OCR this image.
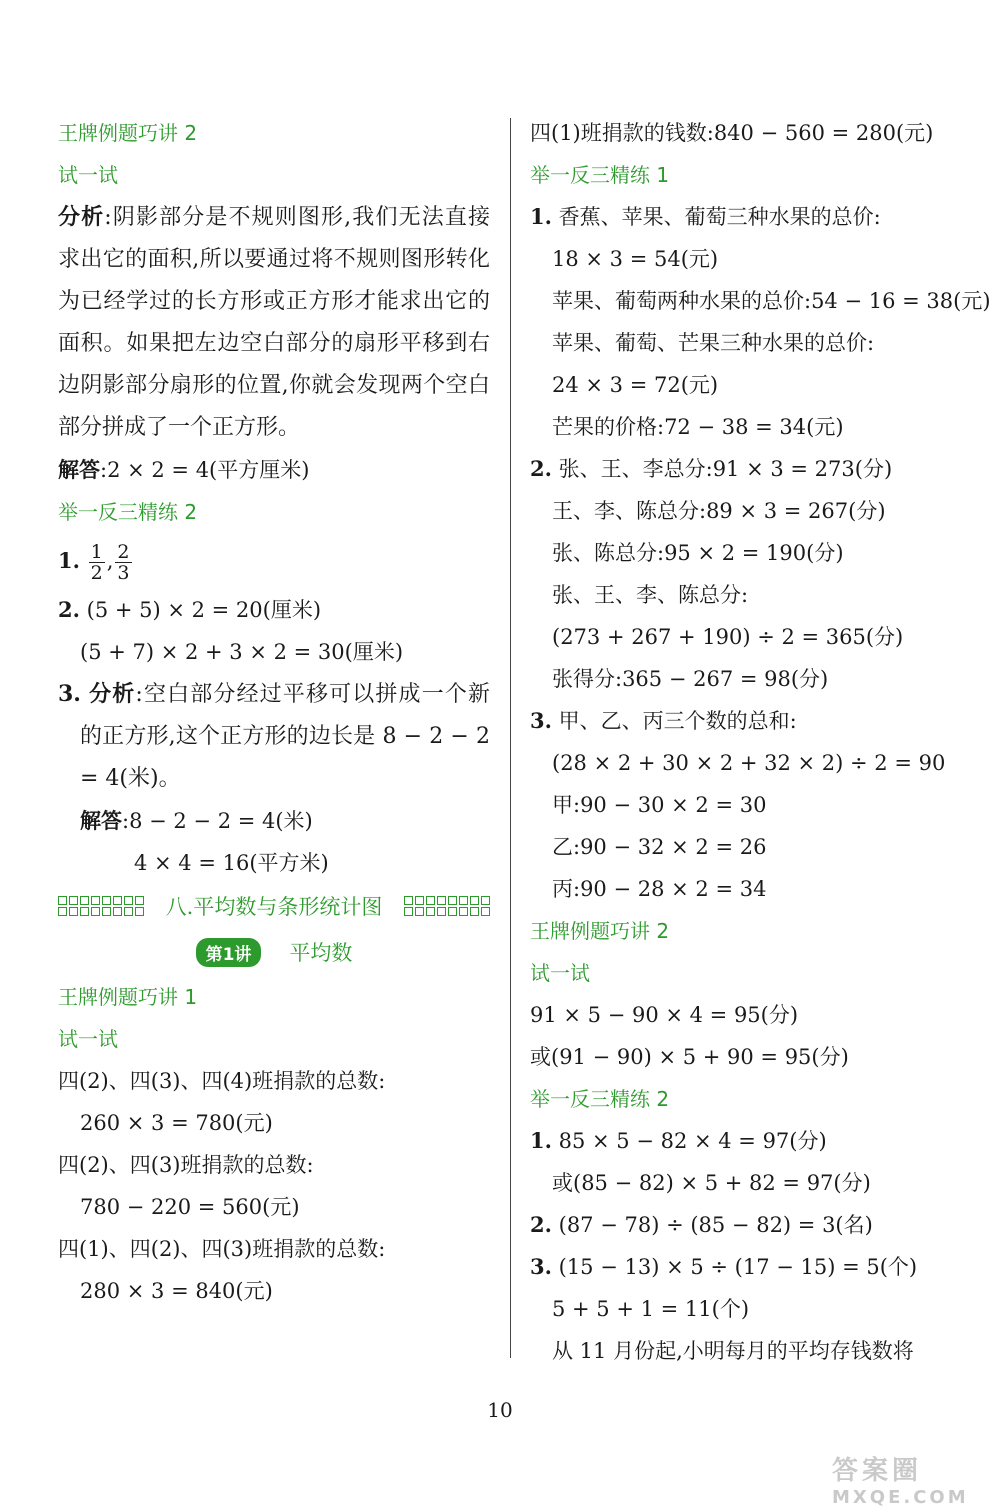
王牌例题巧讲 2
试一试
分析:阴影部分是不规则图形,我们无法直接求出它的面积,所以要通过将不规则图形转化为已经学过的长方形或正方形才能求出它的面积。如果把左边空白部分的扇形平移到右边阴影部分扇形的位置,你就会发现两个空白部分拼成了一个正方形。
解答:2 × 2 = 4(平方厘米)
举一反三精练 2
1. $\frac{1}{2}$ , $\frac{2}{3}$
2. (5 + 5) × 2 = 20(厘米)
(5 + 7) × 2 + 3 × 2 = 30(厘米)
3. 分析:空白部分经过平移可以拼成一个新的正方形,这个正方形的边长是 8 − 2 − 2 = 4(米)。
解答:8 − 2 − 2 = 4(米)
4 × 4 = 16(平方米)
八.平均数与条形统计图
第1讲	平均数
王牌例题巧讲 1
试一试
四(2)、四(3)、四(4)班捐款的总数:
260 × 3 = 780(元)
四(2)、四(3)班捐款的总数:
780 − 220 = 560(元)
四(1)、四(2)、四(3)班捐款的总数:
280 × 3 = 840(元)
四(1)班捐款的钱数:840 − 560 = 280(元)
举一反三精练 1
1. 香蕉、苹果、葡萄三种水果的总价:
18 × 3 = 54(元)
苹果、葡萄两种水果的总价:54 − 16 = 38(元)
苹果、葡萄、芒果三种水果的总价:
24 × 3 = 72(元)
芒果的价格:72 − 38 = 34(元)
2. 张、王、李总分:91 × 3 = 273(分)
王、李、陈总分:89 × 3 = 267(分)
张、陈总分:95 × 2 = 190(分)
张、王、李、陈总分:
(273 + 267 + 190) ÷ 2 = 365(分)
张得分:365 − 267 = 98(分)
3. 甲、乙、丙三个数的总和:
(28 × 2 + 30 × 2 + 32 × 2) ÷ 2 = 90
甲:90 − 30 × 2 = 30
乙:90 − 32 × 2 = 26
丙:90 − 28 × 2 = 34
王牌例题巧讲 2
试一试
91 × 5 − 90 × 4 = 95(分)
或(91 − 90) × 5 + 90 = 95(分)
举一反三精练 2
1. 85 × 5 − 82 × 4 = 97(分)
或(85 − 82) × 5 + 82 = 97(分)
2. (87 − 78) ÷ (85 − 82) = 3(名)
3. (15 − 13) × 5 ÷ (17 − 15) = 5(个)
5 + 5 + 1 = 11(个)
从 11 月份起,小明每月的平均存钱数将
10
答案圈
MXQE.COM
